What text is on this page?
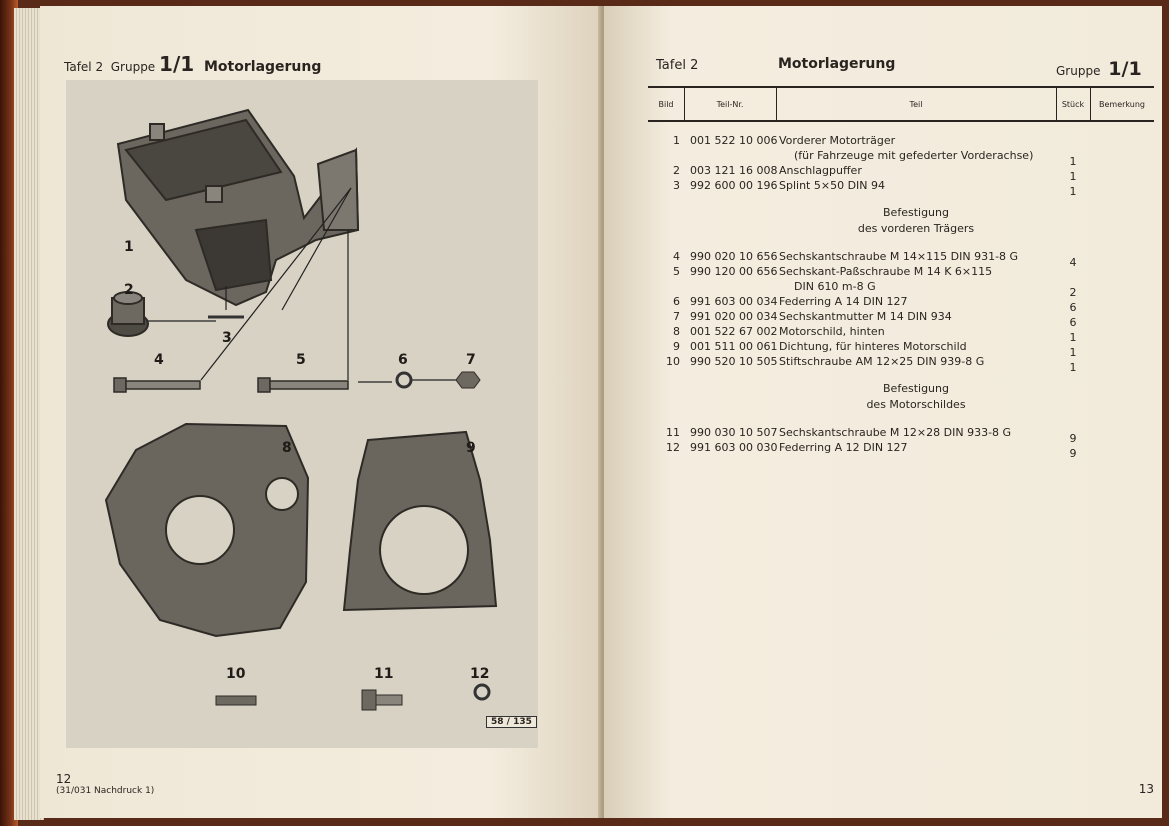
Tafel 2 Gruppe 1/1 Motorlagerung
1
2
3
4	5	6	7
8	9
10	11	12
58 / 135
12
(31/031 Nachdruck 1)
Tafel 2	Motorlagerung	Gruppe 1/1
Bild	Teil-Nr.	Teil	Stück	Bemerkung
1 001 522 10 006 Vorderer Motorträger
(für Fahrzeuge mit gefederter Vorderachse)	1
2 003 121 16 008 Anschlagpuffer	1
3 992 600 00 196 Splint 5×50 DIN 94	1
Befestigung
des vorderen Trägers
4 990 020 10 656 Sechskantschraube M 14×115 DIN 931-8 G	4
5 990 120 00 656 Sechskant-Paßschraube M 14 K 6×115
DIN 610 m-8 G	2
6 991 603 00 034 Federring A 14 DIN 127	6
7 991 020 00 034 Sechskantmutter M 14 DIN 934	6
8 001 522 67 002 Motorschild, hinten	1
9 001 511 00 061 Dichtung, für hinteres Motorschild	1
10 990 520 10 505 Stiftschraube AM 12×25 DIN 939-8 G	1
Befestigung
des Motorschildes
11 990 030 10 507 Sechskantschraube M 12×28 DIN 933-8 G	9
12 991 603 00 030 Federring A 12 DIN 127	9
13
